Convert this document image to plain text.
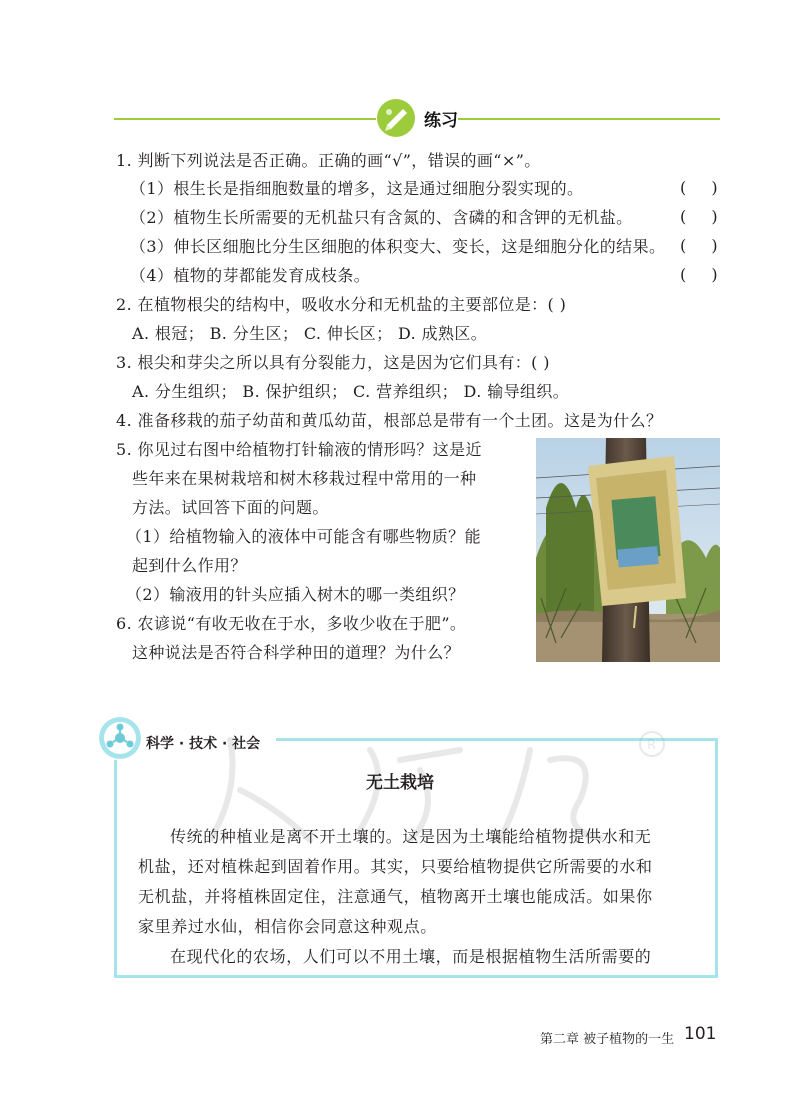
练习
1. 判断下列说法是否正确。正确的画“√”，错误的画“×”。
（1）根生长是指细胞数量的增多，这是通过细胞分裂实现的。	( )
（2）植物生长所需要的无机盐只有含氮的、含磷的和含钾的无机盐。	( )
（3）伸长区细胞比分生区细胞的体积变大、变长，这是细胞分化的结果。 ( )
（4）植物的芽都能发育成枝条。	( )
2. 在植物根尖的结构中，吸收水分和无机盐的主要部位是：( )
A. 根冠； B. 分生区； C. 伸长区； D. 成熟区。
3. 根尖和芽尖之所以具有分裂能力，这是因为它们具有：( )
A. 分生组织； B. 保护组织； C. 营养组织； D. 输导组织。
4. 准备移栽的茄子幼苗和黄瓜幼苗，根部总是带有一个土团。这是为什么？
5. 你见过右图中给植物打针输液的情形吗？这是近
些年来在果树栽培和树木移栽过程中常用的一种
方法。试回答下面的问题。
（1）给植物输入的液体中可能含有哪些物质？能
起到什么作用？
（2）输液用的针头应插入树木的哪一类组织？
6. 农谚说“有收无收在于水，多收少收在于肥”。
这种说法是否符合科学种田的道理？为什么？
R
科学 · 技术 · 社会
无土栽培
传统的种植业是离不开土壤的。这是因为土壤能给植物提供水和无
机盐，还对植株起到固着作用。其实，只要给植物提供它所需要的水和
无机盐，并将植株固定住，注意通气，植物离开土壤也能成活。如果你
家里养过水仙，相信你会同意这种观点。
在现代化的农场，人们可以不用土壤，而是根据植物生活所需要的
第二章 被子植物的一生 101
